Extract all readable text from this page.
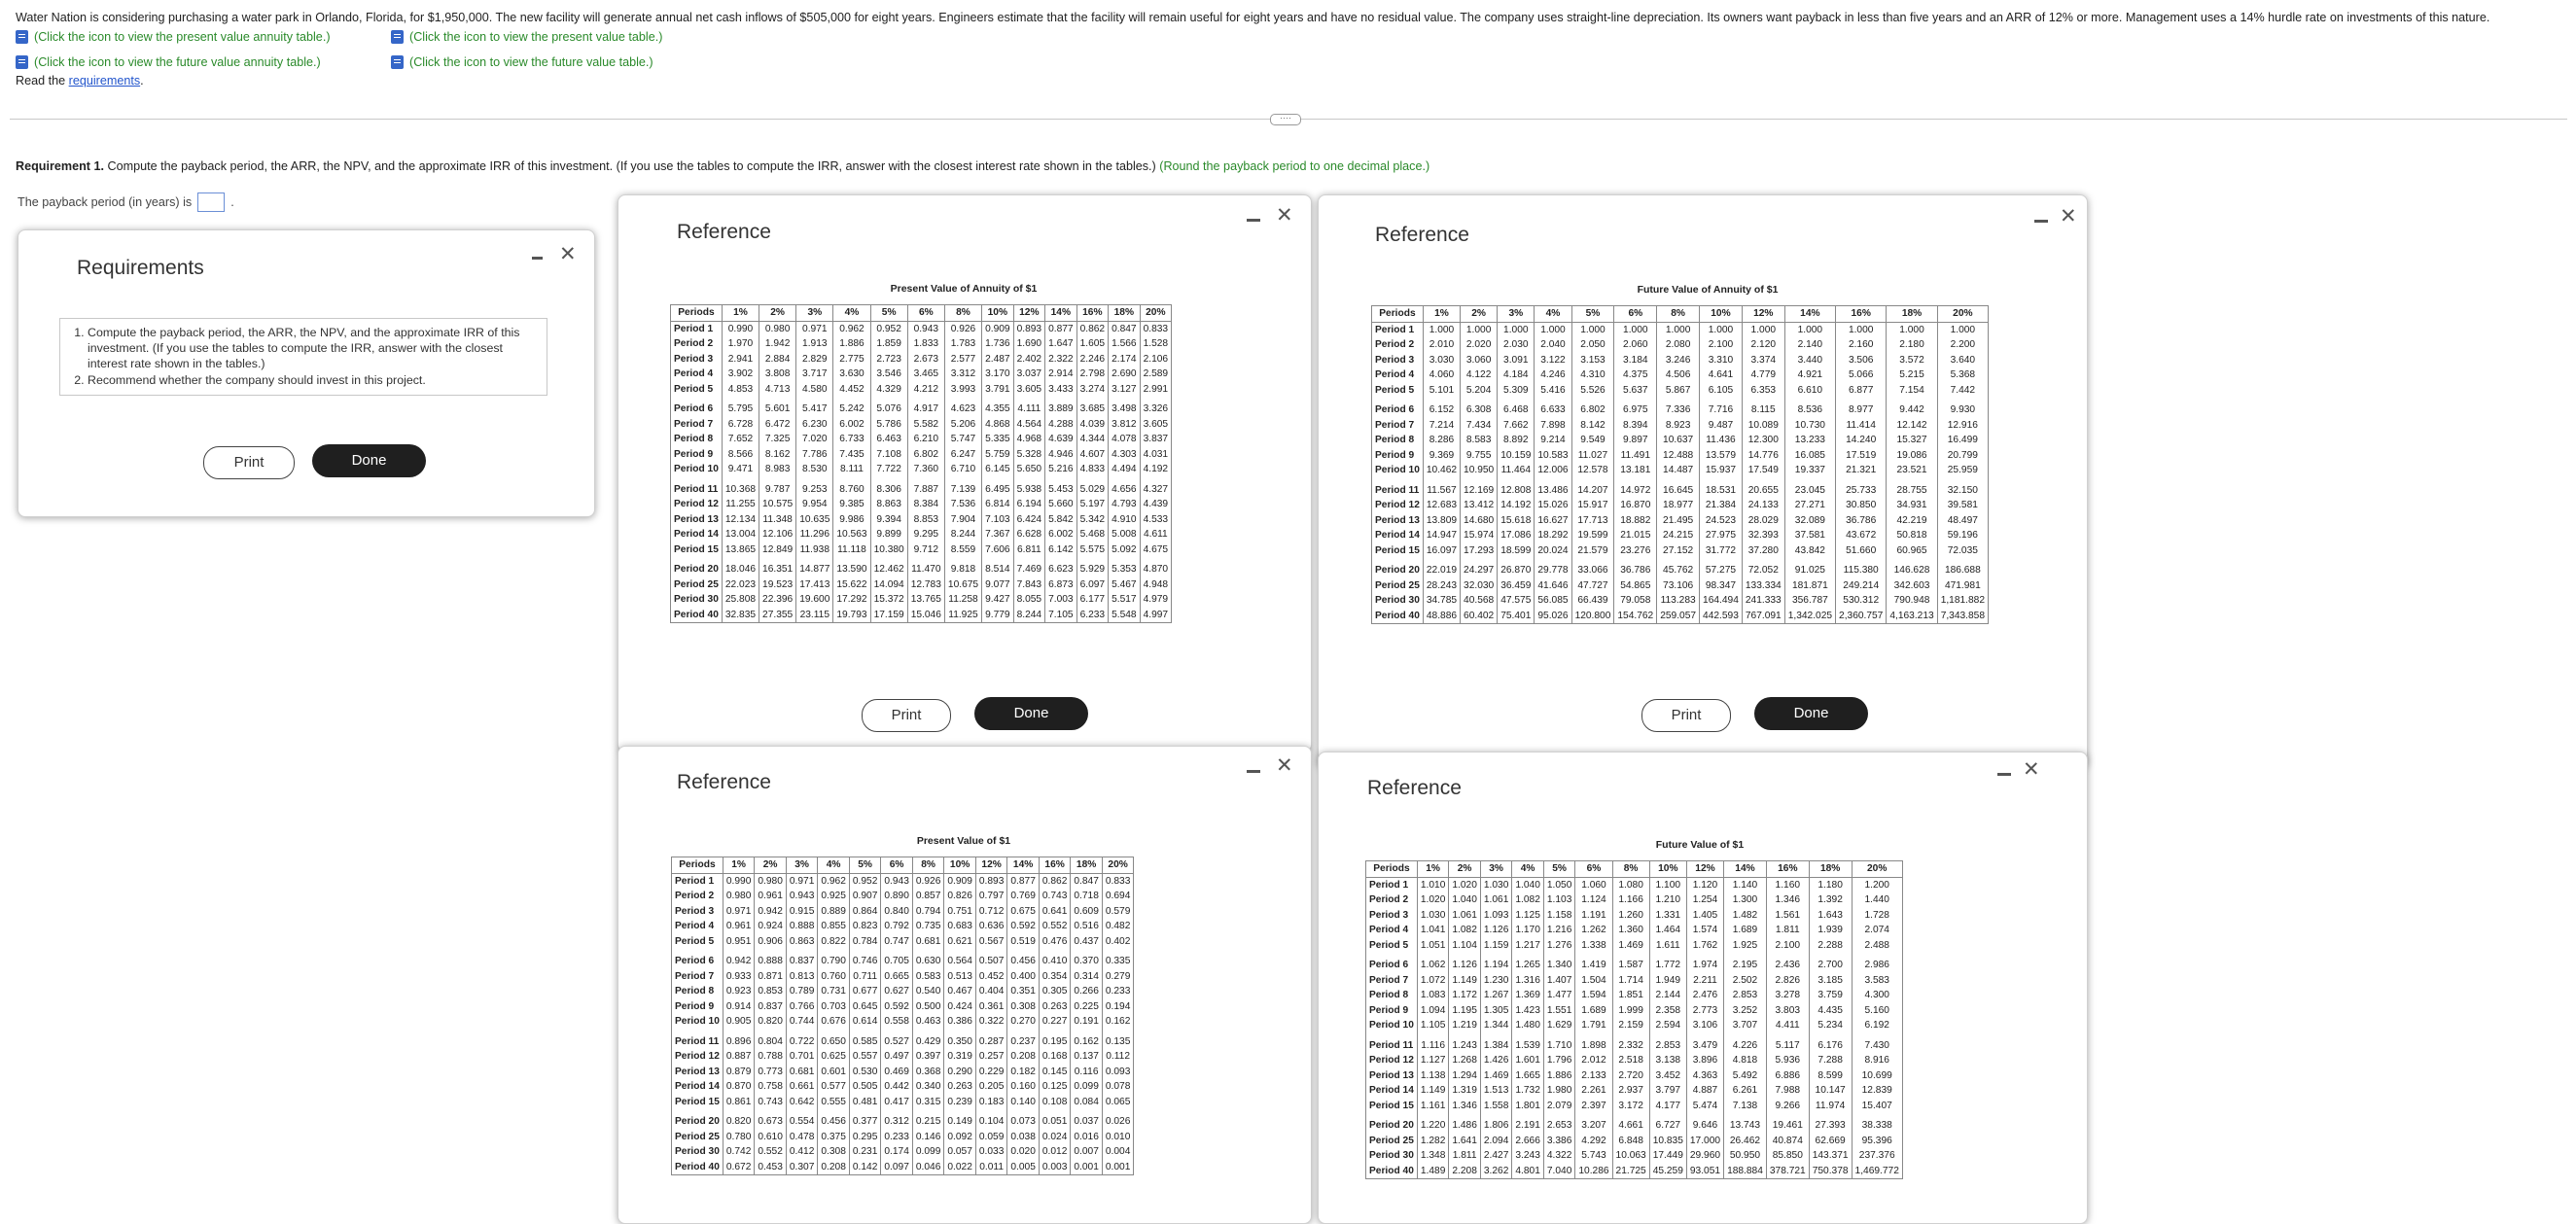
Water Nation is considering purchasing a water park in Orlando, Florida, for $1,950,000. The new facility will generate annual net cash inflows of $505,000 for eight years. Engineers estimate that the facility will remain useful for eight years and have no residual value. The company uses straight-line depreciation. Its owners want payback in less than five years and an ARR of 12% or more. Management uses a 14% hurdle rate on investments of this nature.
(Click the icon to view the present value annuity table.)	(Click the icon to view the present value table.)
(Click the icon to view the future value annuity table.)	(Click the icon to view the future value table.)
Read the requirements.
····
Requirement 1. Compute the payback period, the ARR, the NPV, and the approximate IRR of this investment. (If you use the tables to compute the IRR, answer with the closest interest rate shown in the tables.) (Round the payback period to one decimal place.)
The payback period (in years) is	.
Requirements
✕
1. Compute the payback period, the ARR, the NPV, and the approximate IRR of this investment. (If you use the tables to compute the IRR, answer with the closest interest rate shown in the tables.)
2. Recommend whether the company should invest in this project.
Print	Done
Reference
✕
Present Value of Annuity of $1
Periods	1%	2%	3%	4%	5%	6%	8%	10%	12%	14%	16%	18%	20%
Period 1	0.990	0.980	0.971	0.962	0.952	0.943	0.926	0.909	0.893	0.877	0.862	0.847	0.833
Period 2	1.970	1.942	1.913	1.886	1.859	1.833	1.783	1.736	1.690	1.647	1.605	1.566	1.528
Period 3	2.941	2.884	2.829	2.775	2.723	2.673	2.577	2.487	2.402	2.322	2.246	2.174	2.106
Period 4	3.902	3.808	3.717	3.630	3.546	3.465	3.312	3.170	3.037	2.914	2.798	2.690	2.589
Period 5	4.853	4.713	4.580	4.452	4.329	4.212	3.993	3.791	3.605	3.433	3.274	3.127	2.991
Period 6	5.795	5.601	5.417	5.242	5.076	4.917	4.623	4.355	4.111	3.889	3.685	3.498	3.326
Period 7	6.728	6.472	6.230	6.002	5.786	5.582	5.206	4.868	4.564	4.288	4.039	3.812	3.605
Period 8	7.652	7.325	7.020	6.733	6.463	6.210	5.747	5.335	4.968	4.639	4.344	4.078	3.837
Period 9	8.566	8.162	7.786	7.435	7.108	6.802	6.247	5.759	5.328	4.946	4.607	4.303	4.031
Period 10	9.471	8.983	8.530	8.111	7.722	7.360	6.710	6.145	5.650	5.216	4.833	4.494	4.192
Period 11	10.368	9.787	9.253	8.760	8.306	7.887	7.139	6.495	5.938	5.453	5.029	4.656	4.327
Period 12	11.255	10.575	9.954	9.385	8.863	8.384	7.536	6.814	6.194	5.660	5.197	4.793	4.439
Period 13	12.134	11.348	10.635	9.986	9.394	8.853	7.904	7.103	6.424	5.842	5.342	4.910	4.533
Period 14	13.004	12.106	11.296	10.563	9.899	9.295	8.244	7.367	6.628	6.002	5.468	5.008	4.611
Period 15	13.865	12.849	11.938	11.118	10.380	9.712	8.559	7.606	6.811	6.142	5.575	5.092	4.675
Period 20	18.046	16.351	14.877	13.590	12.462	11.470	9.818	8.514	7.469	6.623	5.929	5.353	4.870
Period 25	22.023	19.523	17.413	15.622	14.094	12.783	10.675	9.077	7.843	6.873	6.097	5.467	4.948
Period 30	25.808	22.396	19.600	17.292	15.372	13.765	11.258	9.427	8.055	7.003	6.177	5.517	4.979
Period 40	32.835	27.355	23.115	19.793	17.159	15.046	11.925	9.779	8.244	7.105	6.233	5.548	4.997
Print	Done
Reference
✕
Future Value of Annuity of $1
Periods	1%	2%	3%	4%	5%	6%	8%	10%	12%	14%	16%	18%	20%
Period 1	1.000	1.000	1.000	1.000	1.000	1.000	1.000	1.000	1.000	1.000	1.000	1.000	1.000
Period 2	2.010	2.020	2.030	2.040	2.050	2.060	2.080	2.100	2.120	2.140	2.160	2.180	2.200
Period 3	3.030	3.060	3.091	3.122	3.153	3.184	3.246	3.310	3.374	3.440	3.506	3.572	3.640
Period 4	4.060	4.122	4.184	4.246	4.310	4.375	4.506	4.641	4.779	4.921	5.066	5.215	5.368
Period 5	5.101	5.204	5.309	5.416	5.526	5.637	5.867	6.105	6.353	6.610	6.877	7.154	7.442
Period 6	6.152	6.308	6.468	6.633	6.802	6.975	7.336	7.716	8.115	8.536	8.977	9.442	9.930
Period 7	7.214	7.434	7.662	7.898	8.142	8.394	8.923	9.487	10.089	10.730	11.414	12.142	12.916
Period 8	8.286	8.583	8.892	9.214	9.549	9.897	10.637	11.436	12.300	13.233	14.240	15.327	16.499
Period 9	9.369	9.755	10.159	10.583	11.027	11.491	12.488	13.579	14.776	16.085	17.519	19.086	20.799
Period 10	10.462	10.950	11.464	12.006	12.578	13.181	14.487	15.937	17.549	19.337	21.321	23.521	25.959
Period 11	11.567	12.169	12.808	13.486	14.207	14.972	16.645	18.531	20.655	23.045	25.733	28.755	32.150
Period 12	12.683	13.412	14.192	15.026	15.917	16.870	18.977	21.384	24.133	27.271	30.850	34.931	39.581
Period 13	13.809	14.680	15.618	16.627	17.713	18.882	21.495	24.523	28.029	32.089	36.786	42.219	48.497
Period 14	14.947	15.974	17.086	18.292	19.599	21.015	24.215	27.975	32.393	37.581	43.672	50.818	59.196
Period 15	16.097	17.293	18.599	20.024	21.579	23.276	27.152	31.772	37.280	43.842	51.660	60.965	72.035
Period 20	22.019	24.297	26.870	29.778	33.066	36.786	45.762	57.275	72.052	91.025	115.380	146.628	186.688
Period 25	28.243	32.030	36.459	41.646	47.727	54.865	73.106	98.347	133.334	181.871	249.214	342.603	471.981
Period 30	34.785	40.568	47.575	56.085	66.439	79.058	113.283	164.494	241.333	356.787	530.312	790.948	1,181.882
Period 40	48.886	60.402	75.401	95.026	120.800	154.762	259.057	442.593	767.091	1,342.025	2,360.757	4,163.213	7,343.858
Print	Done
Reference
✕
Present Value of $1
Periods	1%	2%	3%	4%	5%	6%	8%	10%	12%	14%	16%	18%	20%
Period 1	0.990	0.980	0.971	0.962	0.952	0.943	0.926	0.909	0.893	0.877	0.862	0.847	0.833
Period 2	0.980	0.961	0.943	0.925	0.907	0.890	0.857	0.826	0.797	0.769	0.743	0.718	0.694
Period 3	0.971	0.942	0.915	0.889	0.864	0.840	0.794	0.751	0.712	0.675	0.641	0.609	0.579
Period 4	0.961	0.924	0.888	0.855	0.823	0.792	0.735	0.683	0.636	0.592	0.552	0.516	0.482
Period 5	0.951	0.906	0.863	0.822	0.784	0.747	0.681	0.621	0.567	0.519	0.476	0.437	0.402
Period 6	0.942	0.888	0.837	0.790	0.746	0.705	0.630	0.564	0.507	0.456	0.410	0.370	0.335
Period 7	0.933	0.871	0.813	0.760	0.711	0.665	0.583	0.513	0.452	0.400	0.354	0.314	0.279
Period 8	0.923	0.853	0.789	0.731	0.677	0.627	0.540	0.467	0.404	0.351	0.305	0.266	0.233
Period 9	0.914	0.837	0.766	0.703	0.645	0.592	0.500	0.424	0.361	0.308	0.263	0.225	0.194
Period 10	0.905	0.820	0.744	0.676	0.614	0.558	0.463	0.386	0.322	0.270	0.227	0.191	0.162
Period 11	0.896	0.804	0.722	0.650	0.585	0.527	0.429	0.350	0.287	0.237	0.195	0.162	0.135
Period 12	0.887	0.788	0.701	0.625	0.557	0.497	0.397	0.319	0.257	0.208	0.168	0.137	0.112
Period 13	0.879	0.773	0.681	0.601	0.530	0.469	0.368	0.290	0.229	0.182	0.145	0.116	0.093
Period 14	0.870	0.758	0.661	0.577	0.505	0.442	0.340	0.263	0.205	0.160	0.125	0.099	0.078
Period 15	0.861	0.743	0.642	0.555	0.481	0.417	0.315	0.239	0.183	0.140	0.108	0.084	0.065
Period 20	0.820	0.673	0.554	0.456	0.377	0.312	0.215	0.149	0.104	0.073	0.051	0.037	0.026
Period 25	0.780	0.610	0.478	0.375	0.295	0.233	0.146	0.092	0.059	0.038	0.024	0.016	0.010
Period 30	0.742	0.552	0.412	0.308	0.231	0.174	0.099	0.057	0.033	0.020	0.012	0.007	0.004
Period 40	0.672	0.453	0.307	0.208	0.142	0.097	0.046	0.022	0.011	0.005	0.003	0.001	0.001
Reference
✕
Future Value of $1
Periods	1%	2%	3%	4%	5%	6%	8%	10%	12%	14%	16%	18%	20%
Period 1	1.010	1.020	1.030	1.040	1.050	1.060	1.080	1.100	1.120	1.140	1.160	1.180	1.200
Period 2	1.020	1.040	1.061	1.082	1.103	1.124	1.166	1.210	1.254	1.300	1.346	1.392	1.440
Period 3	1.030	1.061	1.093	1.125	1.158	1.191	1.260	1.331	1.405	1.482	1.561	1.643	1.728
Period 4	1.041	1.082	1.126	1.170	1.216	1.262	1.360	1.464	1.574	1.689	1.811	1.939	2.074
Period 5	1.051	1.104	1.159	1.217	1.276	1.338	1.469	1.611	1.762	1.925	2.100	2.288	2.488
Period 6	1.062	1.126	1.194	1.265	1.340	1.419	1.587	1.772	1.974	2.195	2.436	2.700	2.986
Period 7	1.072	1.149	1.230	1.316	1.407	1.504	1.714	1.949	2.211	2.502	2.826	3.185	3.583
Period 8	1.083	1.172	1.267	1.369	1.477	1.594	1.851	2.144	2.476	2.853	3.278	3.759	4.300
Period 9	1.094	1.195	1.305	1.423	1.551	1.689	1.999	2.358	2.773	3.252	3.803	4.435	5.160
Period 10	1.105	1.219	1.344	1.480	1.629	1.791	2.159	2.594	3.106	3.707	4.411	5.234	6.192
Period 11	1.116	1.243	1.384	1.539	1.710	1.898	2.332	2.853	3.479	4.226	5.117	6.176	7.430
Period 12	1.127	1.268	1.426	1.601	1.796	2.012	2.518	3.138	3.896	4.818	5.936	7.288	8.916
Period 13	1.138	1.294	1.469	1.665	1.886	2.133	2.720	3.452	4.363	5.492	6.886	8.599	10.699
Period 14	1.149	1.319	1.513	1.732	1.980	2.261	2.937	3.797	4.887	6.261	7.988	10.147	12.839
Period 15	1.161	1.346	1.558	1.801	2.079	2.397	3.172	4.177	5.474	7.138	9.266	11.974	15.407
Period 20	1.220	1.486	1.806	2.191	2.653	3.207	4.661	6.727	9.646	13.743	19.461	27.393	38.338
Period 25	1.282	1.641	2.094	2.666	3.386	4.292	6.848	10.835	17.000	26.462	40.874	62.669	95.396
Period 30	1.348	1.811	2.427	3.243	4.322	5.743	10.063	17.449	29.960	50.950	85.850	143.371	237.376
Period 40	1.489	2.208	3.262	4.801	7.040	10.286	21.725	45.259	93.051	188.884	378.721	750.378	1,469.772
